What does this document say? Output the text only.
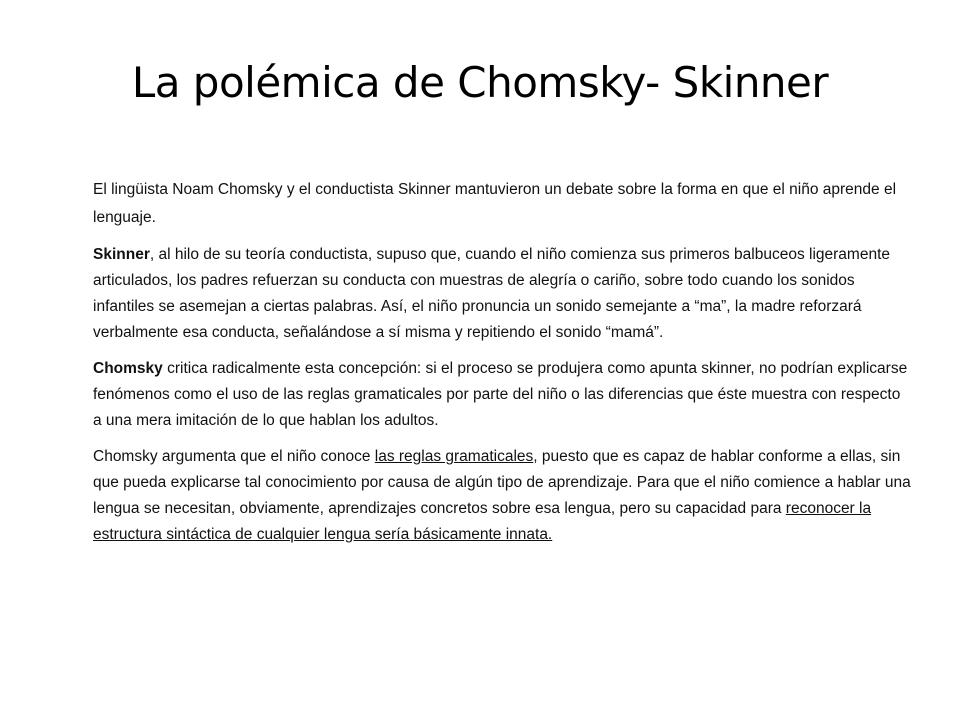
La polémica de Chomsky- Skinner

El lingüista Noam Chomsky y el conductista Skinner mantuvieron un debate sobre la forma en que el niño aprende el lenguaje.

Skinner, al hilo de su teoría conductista, supuso que, cuando el niño comienza sus primeros balbuceos ligeramente articulados, los padres refuerzan su conducta con muestras de alegría o cariño, sobre todo cuando los sonidos infantiles se asemejan a ciertas palabras. Así, el niño pronuncia un sonido semejante a “ma”, la madre reforzará verbalmente esa conducta, señalándose a sí misma y repitiendo el sonido “mamá”.

Chomsky critica radicalmente esta concepción: si el proceso se produjera como apunta skinner, no podrían explicarse fenómenos como el uso de las reglas gramaticales por parte del niño o las diferencias que éste muestra con respecto a una mera imitación de lo que hablan los adultos.

Chomsky argumenta que el niño conoce las reglas gramaticales, puesto que es capaz de hablar conforme a ellas, sin que pueda explicarse tal conocimiento por causa de algún tipo de aprendizaje. Para que el niño comience a hablar una lengua se necesitan, obviamente, aprendizajes concretos sobre esa lengua, pero su capacidad para reconocer la estructura sintáctica de cualquier lengua sería básicamente innata.
